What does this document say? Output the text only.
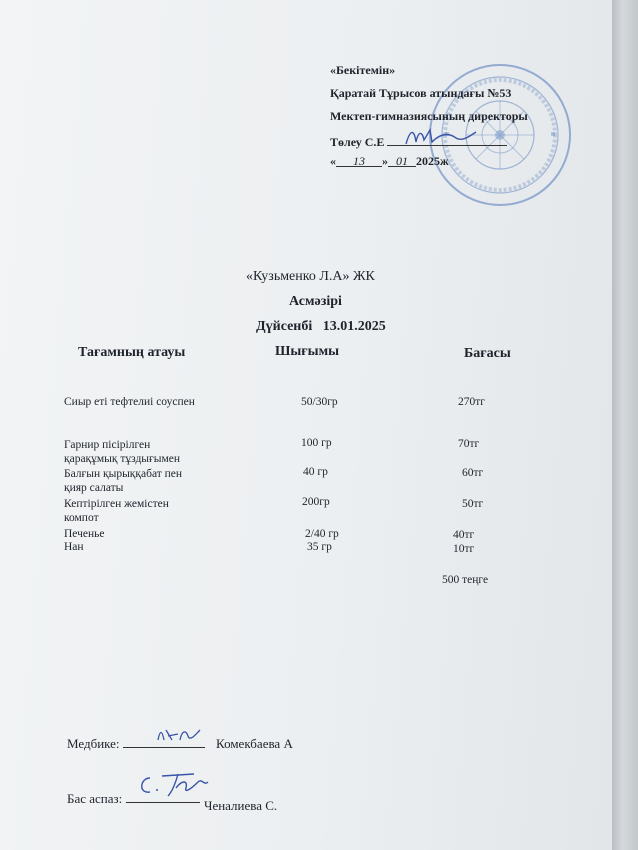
«Бекітемін»
Қаратай Тұрысов атындағы №53
Мектеп-гимназиясының директоры
Төлеу С.Е
« 13 » 01 2025ж
«Кузьменко Л.А» ЖК
Асмәзірі
Дүйсенбі   13.01.2025
Тағамның атауы	Шығымы	Бағасы
Сиыр еті тефтелиі соуспен	50/30гр	270тг
Гарнир пісірілген
қарақұмық тұздығымен
100 гр	70тг
Балғын қырыққабат пен
қияр салаты
40 гр	60тг
Кептірілген жемістен
компот
200гр	50тг
Печенье	2/40 гр	40тг
Нан	35 гр	10тг
500 теңге
Медбике:	Комекбаева А
Бас аспаз:	Ченалиева С.
